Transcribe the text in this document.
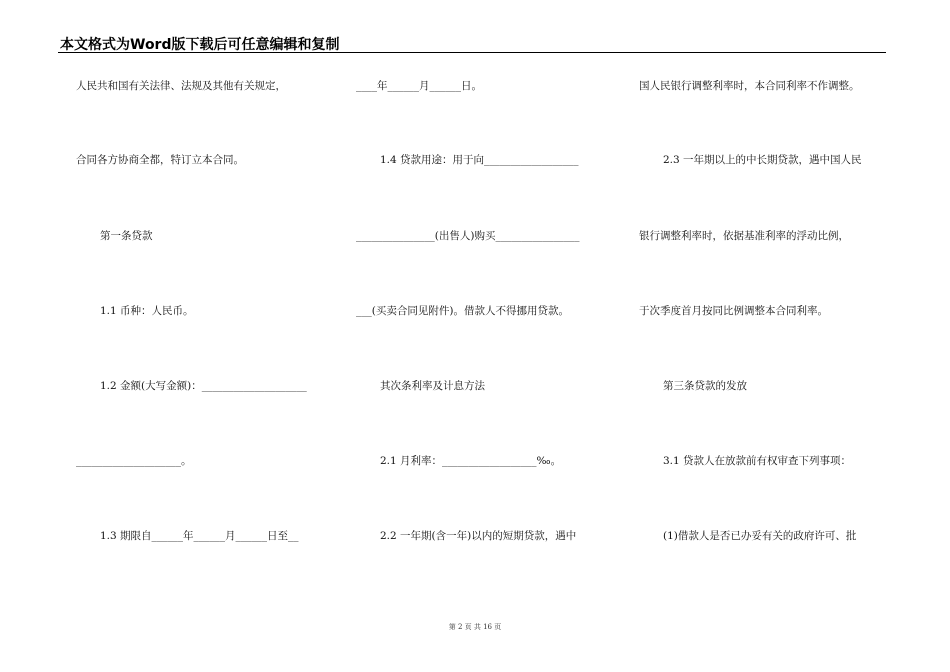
本文格式为Word版下载后可任意编辑和复制
人民共和国有关法律、法规及其他有关规定，
合同各方协商全都，特订立本合同。
第一条贷款
1.1 币种：人民币。
1.2 金额(大写金额)：____________________
____________________。
1.3 期限自______年______月______日至__
____年______月______日。
1.4 贷款用途：用于向__________________
_______________(出售人)购买________________
___(买卖合同见附件)。借款人不得挪用贷款。
其次条利率及计息方法
2.1 月利率：__________________‰。
2.2 一年期(含一年)以内的短期贷款，遇中
国人民银行调整利率时，本合同利率不作调整。
2.3 一年期以上的中长期贷款，遇中国人民
银行调整利率时，依据基准利率的浮动比例，
于次季度首月按同比例调整本合同利率。
第三条贷款的发放
3.1 贷款人在放款前有权审查下列事项：
(1)借款人是否已办妥有关的政府许可、批
第 2 页 共 16 页
